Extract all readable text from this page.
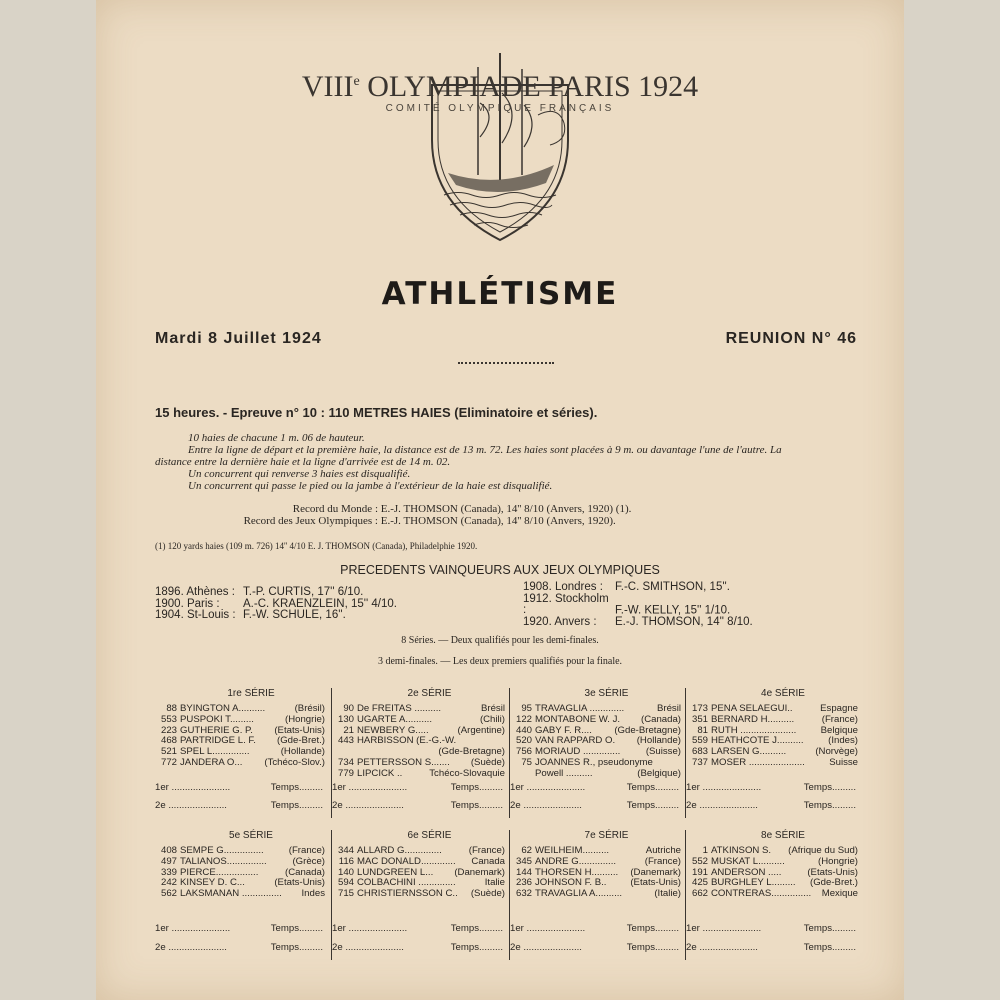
VIIIe OLYMPIADE PARIS 1924
COMITÉ OLYMPIQUE FRANÇAIS
ATHLÉTISME
Mardi 8 Juillet 1924	REUNION N° 46
15 heures. - Epreuve n° 10 : 110 METRES HAIES (Eliminatoire et séries).
10 haies de chacune 1 m. 06 de hauteur.
Entre la ligne de départ et la première haie, la distance est de 13 m. 72. Les haies sont placées à 9 m. ou davantage l'une de l'autre. La
distance entre la dernière haie et la ligne d'arrivée est de 14 m. 02.
Un concurrent qui renverse 3 haies est disqualifié.
Un concurrent qui passe le pied ou la jambe à l'extérieur de la haie est disqualifié.
Record du Monde : E.-J. THOMSON (Canada), 14'' 8/10 (Anvers, 1920) (1).
Record des Jeux Olympiques : E.-J. THOMSON (Canada), 14'' 8/10 (Anvers, 1920).
(1) 120 yards haies (109 m. 726) 14'' 4/10 E. J. THOMSON (Canada), Philadelphie 1920.
PRECEDENTS VAINQUEURS AUX JEUX OLYMPIQUES
1896. Athènes : T.-P. CURTIS, 17'' 6/10.
1900. Paris : A.-C. KRAENZLEIN, 15'' 4/10.
1904. St-Louis : F.-W. SCHULE, 16''.
1908. Londres : F.-C. SMITHSON, 15''.
1912. Stockholm :	F.-W. KELLY, 15'' 1/10.
1920. Anvers : E.-J. THOMSON, 14'' 8/10.
8 Séries. — Deux qualifiés pour les demi-finales.
3 demi-finales. — Les deux premiers qualifiés pour la finale.
1re SÉRIE
88 BYINGTON A..........	(Brésil)
553 PUSPOKI T.........	(Hongrie)
223 GUTHERIE G. P. (Etats-Unis)
468 PARTRIDGE L. F. (Gde-Bret.)
521 SPEL L..............	(Hollande)
772 JANDERA O... (Tchéco-Slov.)
1er ......................	Temps.........
2e ......................	Temps.........
2e SÉRIE
90 De FREITAS ..........	Brésil
130 UGARTE A..........	(Chili)
21 NEWBERY G.....	(Argentine)
443 HARBISSON (E.-G.-W.
(Gde-Bretagne)
734 PETTERSSON S....... (Suède)
779 LIPCICK ..	Tchéco-Slovaquie
1er ......................	Temps.........
2e ......................	Temps.........
3e SÉRIE
95 TRAVAGLIA .............	Brésil
122 MONTABONE W. J. (Canada)
440 GABY F. R.... (Gde-Bretagne)
520 VAN RAPPARD O. (Hollande)
756 MORIAUD ..............	(Suisse)
75 JOANNES R., pseudonyme
Powell ..........	(Belgique)
1er ......................	Temps.........
2e ......................	Temps.........
4e SÉRIE
173 PENA SELAEGUI..	Espagne
351 BERNARD H..........	(France)
81 RUTH .....................	Belgique
559 HEATHCOTE J..........	(Indes)
683 LARSEN G..........	(Norvège)
737 MOSER .....................	Suisse
1er ......................	Temps.........
2e ......................	Temps.........
5e SÉRIE
408 SEMPE G...............	(France)
497 TALIANOS...............	(Grèce)
339 PIERCE................	(Canada)
242 KINSEY D. C...	(Etats-Unis)
562 LAKSMANAN ............... Indes
1er ......................	Temps.........
2e ......................	Temps.........
6e SÉRIE
344 ALLARD G..............	(France)
116 MAC DONALD............. Canada
140 LUNDGREEN L... (Danemark)
594 COLBACHINI ..............	Italie
715 CHRISTIERNSSON C.. (Suède)
1er ......................	Temps.........
2e ......................	Temps.........
7e SÉRIE
62 WEILHEIM..........	Autriche
345 ANDRE G..............	(France)
144 THORSEN H.......... (Danemark)
236 JOHNSON F. B.. (Etats-Unis)
632 TRAVAGLIA A..........	(Italie)
1er ......................	Temps.........
2e ......................	Temps.........
8e SÉRIE
1 ATKINSON S. (Afrique du Sud)
552 MUSKAT L..........	(Hongrie)
191 ANDERSON .....	(Etats-Unis)
425 BURGHLEY L......... (Gde-Bret.)
662 CONTRERAS............... Mexique
1er ......................	Temps.........
2e ......................	Temps.........
